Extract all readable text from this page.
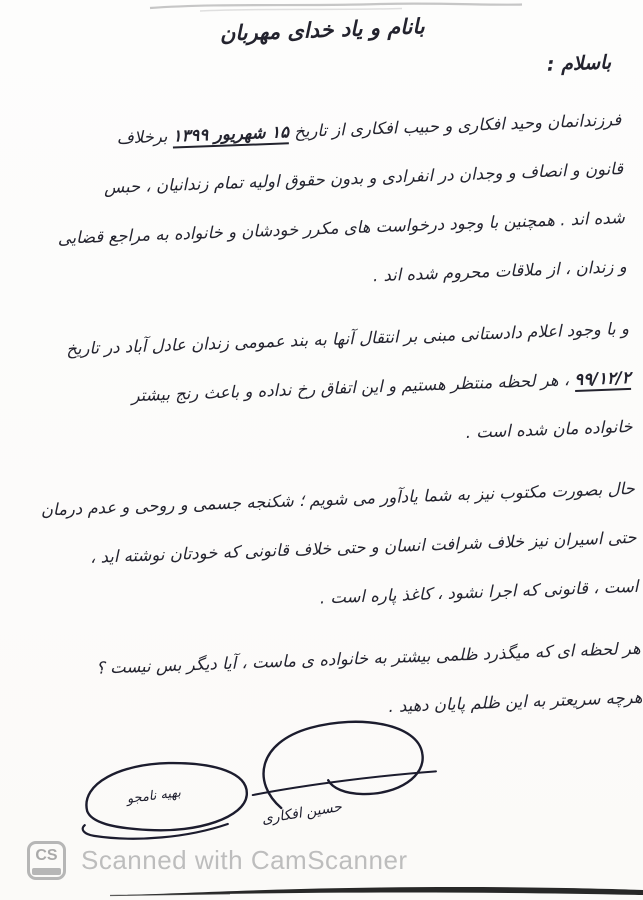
بانام و یاد خدای مهربان
باسلام :
فرزندانمان وحید افکاری و حبیب افکاری از تاریخ ۱۵ شهریور ۱۳۹۹ برخلاف
قانون و انصاف و وجدان در انفرادی و بدون حقوق اولیه تمام زندانیان ، حبس
شده اند . همچنین با وجود درخواست های مکرر خودشان و خانواده به مراجع قضایی
و زندان ، از ملاقات محروم شده اند .
و با وجود اعلام دادستانی مبنی بر انتقال آنها به بند عمومی زندان عادل آباد در تاریخ
۹۹/۱۲/۲ ، هر لحظه منتظر هستیم و این اتفاق رخ نداده و باعث رنج بیشتر
خانواده مان شده است .
حال بصورت مکتوب نیز به شما یادآور می شویم ؛ شکنجه جسمی و روحی و عدم درمان
حتی اسیران نیز خلاف شرافت انسان و حتی خلاف قانونی که خودتان نوشته اید ،
است ، قانونی که اجرا نشود ، کاغذ پاره است .
هر لحظه ای که میگذرد ظلمی بیشتر به خانواده ی ماست ، آیا دیگر بس نیست ؟
هرچه سریعتر به این ظلم پایان دهید .
حسین افکاری
بهیه نامجو
CS Scanned with CamScanner
